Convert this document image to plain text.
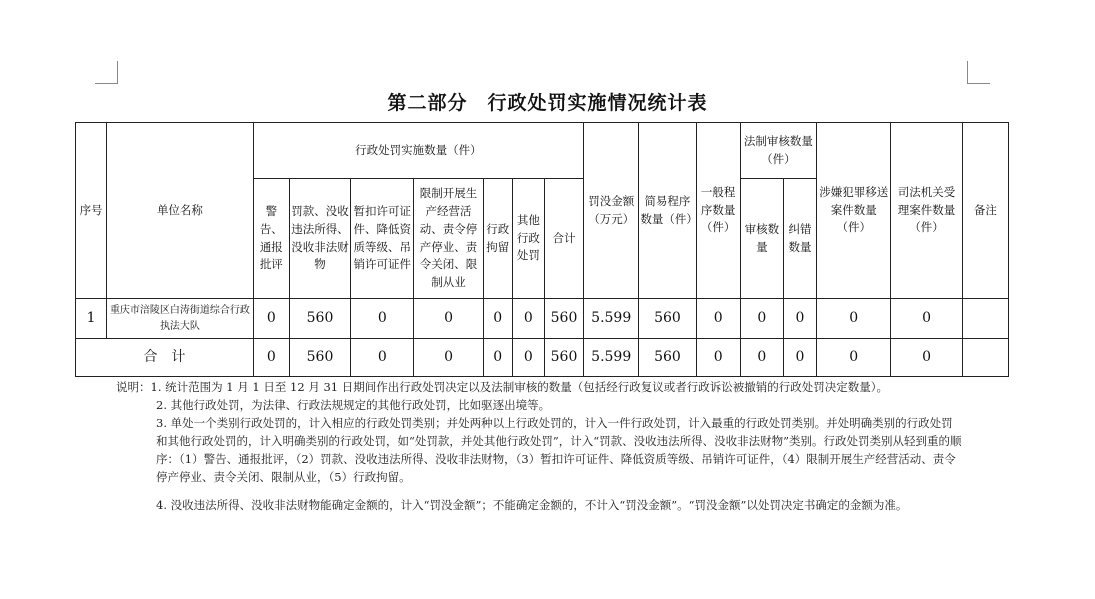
第二部分　行政处罚实施情况统计表
序号	单位名称	行政处罚实施数量（件）							罚没金额（万元）	简易程序数量（件）	一般程序数量（件）	法制审核数量（件）		涉嫌犯罪移送案件数量（件）	司法机关受理案件数量（件）	备注
		警告、通报批评	罚款、没收违法所得、没收非法财物	暂扣许可证件、降低资质等级、吊销许可证件	限制开展生产经营活动、责令停产停业、责令关闭、限制从业	行政拘留	其他行政处罚	合计				审核数量	纠错数量			
1	重庆市涪陵区白涛街道综合行政执法大队	0	560	0	0	0	0	560	5.599	560	0	0	0	0	0	
合　计		0	560	0	0	0	0	560	5.599	560	0	0	0	0	0	

说明：1. 统计范围为 1 月 1 日至 12 月 31 日期间作出行政处罚决定以及法制审核的数量（包括经行政复议或者行政诉讼被撤销的行政处罚决定数量）。

2. 其他行政处罚，为法律、行政法规规定的其他行政处罚，比如驱逐出境等。

3. 单处一个类别行政处罚的，计入相应的行政处罚类别；并处两种以上行政处罚的，计入一件行政处罚，计入最重的行政处罚类别。并处明确类别的行政处罚和其他行政处罚的，计入明确类别的行政处罚，如“处罚款，并处其他行政处罚”，计入“罚款、没收违法所得、没收非法财物”类别。行政处罚类别从轻到重的顺序：（1）警告、通报批评，（2）罚款、没收违法所得、没收非法财物，（3）暂扣许可证件、降低资质等级、吊销许可证件，（4）限制开展生产经营活动、责令停产停业、责令关闭、限制从业，（5）行政拘留。

4. 没收违法所得、没收非法财物能确定金额的，计入“罚没金额”；不能确定金额的，不计入“罚没金额”。“罚没金额”以处罚决定书确定的金额为准。
